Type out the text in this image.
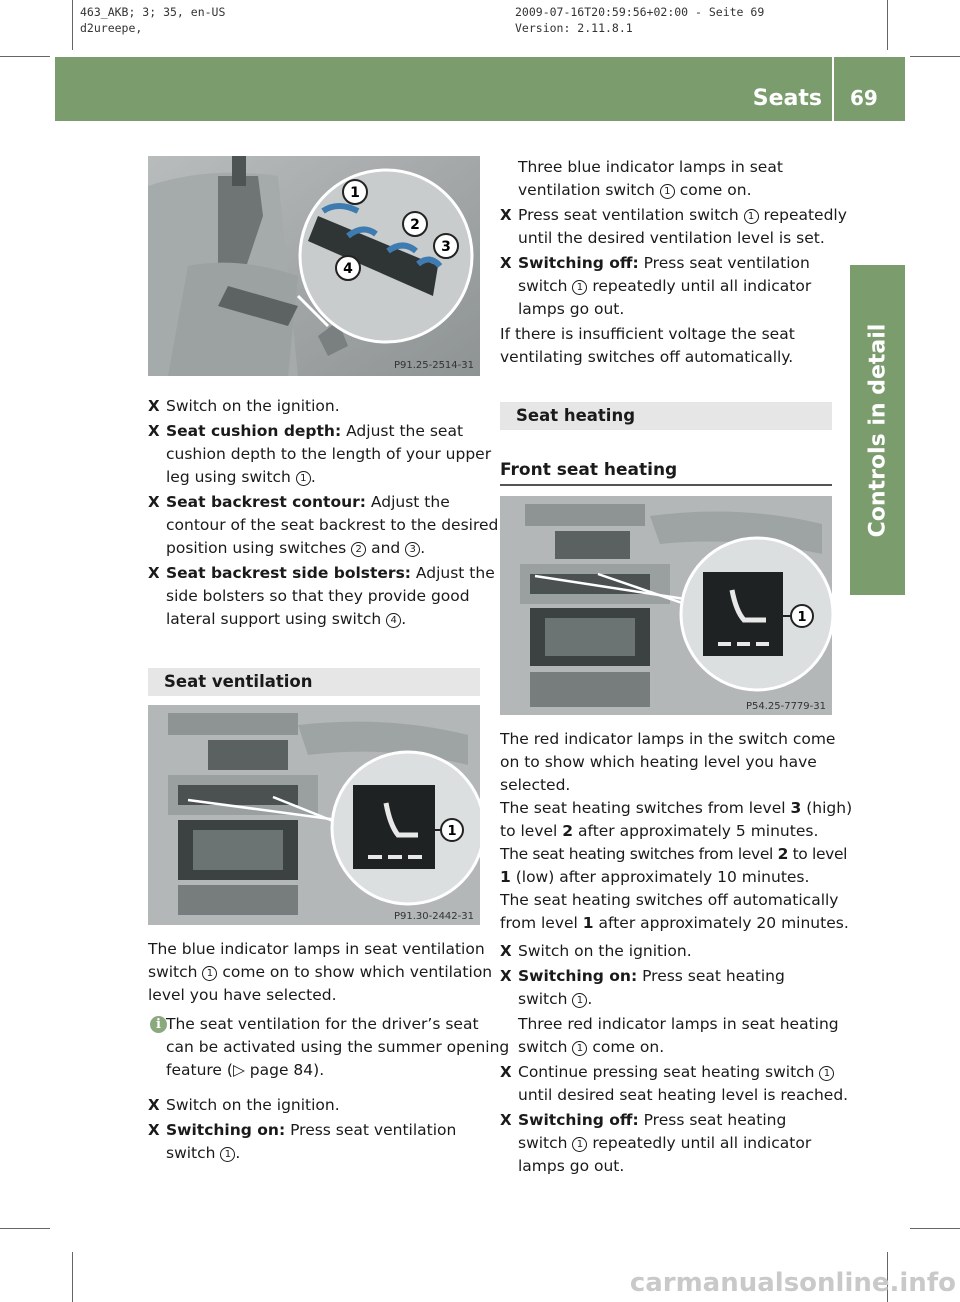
463_AKB; 3; 35, en-US
d2ureepe,
2009-07-16T20:59:56+02:00 - Seite 69
Version: 2.11.8.1
Seats 69
Controls in detail
1
2
3
4
P91.25-2514-31
X Switch on the ignition.
X Seat cushion depth: Adjust the seat
cushion depth to the length of your upper
leg using switch 1 .
X Seat backrest contour: Adjust the
contour of the seat backrest to the desired
position using switches 2 and 3 .
X Seat backrest side bolsters: Adjust the
side bolsters so that they provide good
lateral support using switch 4 .
Seat ventilation
1
P91.30-2442-31
The blue indicator lamps in seat ventilation
switch 1 come on to show which ventilation
level you have selected.
i The seat ventilation for the driver’s seat
can be activated using the summer opening
feature (▷ page 84).
X Switch on the ignition.
X Switching on: Press seat ventilation
switch 1 .
Three blue indicator lamps in seat
ventilation switch 1 come on.
X Press seat ventilation switch 1 repeatedly
until the desired ventilation level is set.
X Switching off: Press seat ventilation
switch 1 repeatedly until all indicator
lamps go out.
If there is insufficient voltage the seat
ventilating switches off automatically.
Seat heating
Front seat heating
1
P54.25-7779-31
The red indicator lamps in the switch come
on to show which heating level you have
selected.
The seat heating switches from level 3 (high)
to level 2 after approximately 5 minutes.
The seat heating switches from level 2 to level
1 (low) after approximately 10 minutes.
The seat heating switches off automatically
from level 1 after approximately 20 minutes.
X Switch on the ignition.
X Switching on: Press seat heating
switch 1 .
Three red indicator lamps in seat heating
switch 1 come on.
X Continue pressing seat heating switch 1
until desired seat heating level is reached.
X Switching off: Press seat heating
switch 1 repeatedly until all indicator
lamps go out.
carmanualsonline.info
